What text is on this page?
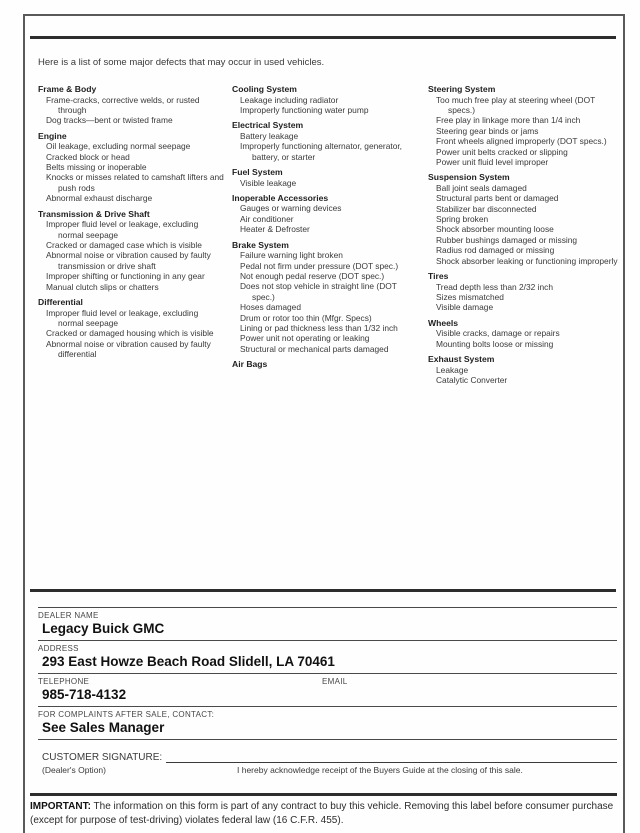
Here is a list of some major defects that may occur in used vehicles.
Frame & Body
Frame-cracks, corrective welds, or rusted through
Dog tracks—bent or twisted frame
Engine
Oil leakage, excluding normal seepage
Cracked block or head
Belts missing or inoperable
Knocks or misses related to camshaft lifters and push rods
Abnormal exhaust discharge
Transmission & Drive Shaft
Improper fluid level or leakage, excluding normal seepage
Cracked or damaged case which is visible
Abnormal noise or vibration caused by faulty transmission or drive shaft
Improper shifting or functioning in any gear
Manual clutch slips or chatters
Differential
Improper fluid level or leakage, excluding normal seepage
Cracked or damaged housing which is visible
Abnormal noise or vibration caused by faulty differential
Cooling System
Leakage including radiator
Improperly functioning water pump
Electrical System
Battery leakage
Improperly functioning alternator, generator, battery, or starter
Fuel System
Visible leakage
Inoperable Accessories
Gauges or warning devices
Air conditioner
Heater & Defroster
Brake System
Failure warning light broken
Pedal not firm under pressure (DOT spec.)
Not enough pedal reserve (DOT spec.)
Does not stop vehicle in straight line (DOT spec.)
Hoses damaged
Drum or rotor too thin (Mfgr. Specs)
Lining or pad thickness less than 1/32 inch
Power unit not operating or leaking
Structural or mechanical parts damaged
Air Bags
Steering System
Too much free play at steering wheel (DOT specs.)
Free play in linkage more than 1/4 inch
Steering gear binds or jams
Front wheels aligned improperly (DOT specs.)
Power unit belts cracked or slipping
Power unit fluid level improper
Suspension System
Ball joint seals damaged
Structural parts bent or damaged
Stabilizer bar disconnected
Spring broken
Shock absorber mounting loose
Rubber bushings damaged or missing
Radius rod damaged or missing
Shock absorber leaking or functioning improperly
Tires
Tread depth less than 2/32 inch
Sizes mismatched
Visible damage
Wheels
Visible cracks, damage or repairs
Mounting bolts loose or missing
Exhaust System
Leakage
Catalytic Converter
DEALER NAME
Legacy Buick GMC
ADDRESS
293 East Howze Beach Road Slidell, LA 70461
TELEPHONE	EMAIL
985-718-4132
FOR COMPLAINTS AFTER SALE, CONTACT:
See Sales Manager
CUSTOMER SIGNATURE:
(Dealer's Option)	I hereby acknowledge receipt of the Buyers Guide at the closing of this sale.
IMPORTANT: The information on this form is part of any contract to buy this vehicle. Removing this label before consumer purchase (except for purpose of test-driving) violates federal law (16 C.F.R. 455).
